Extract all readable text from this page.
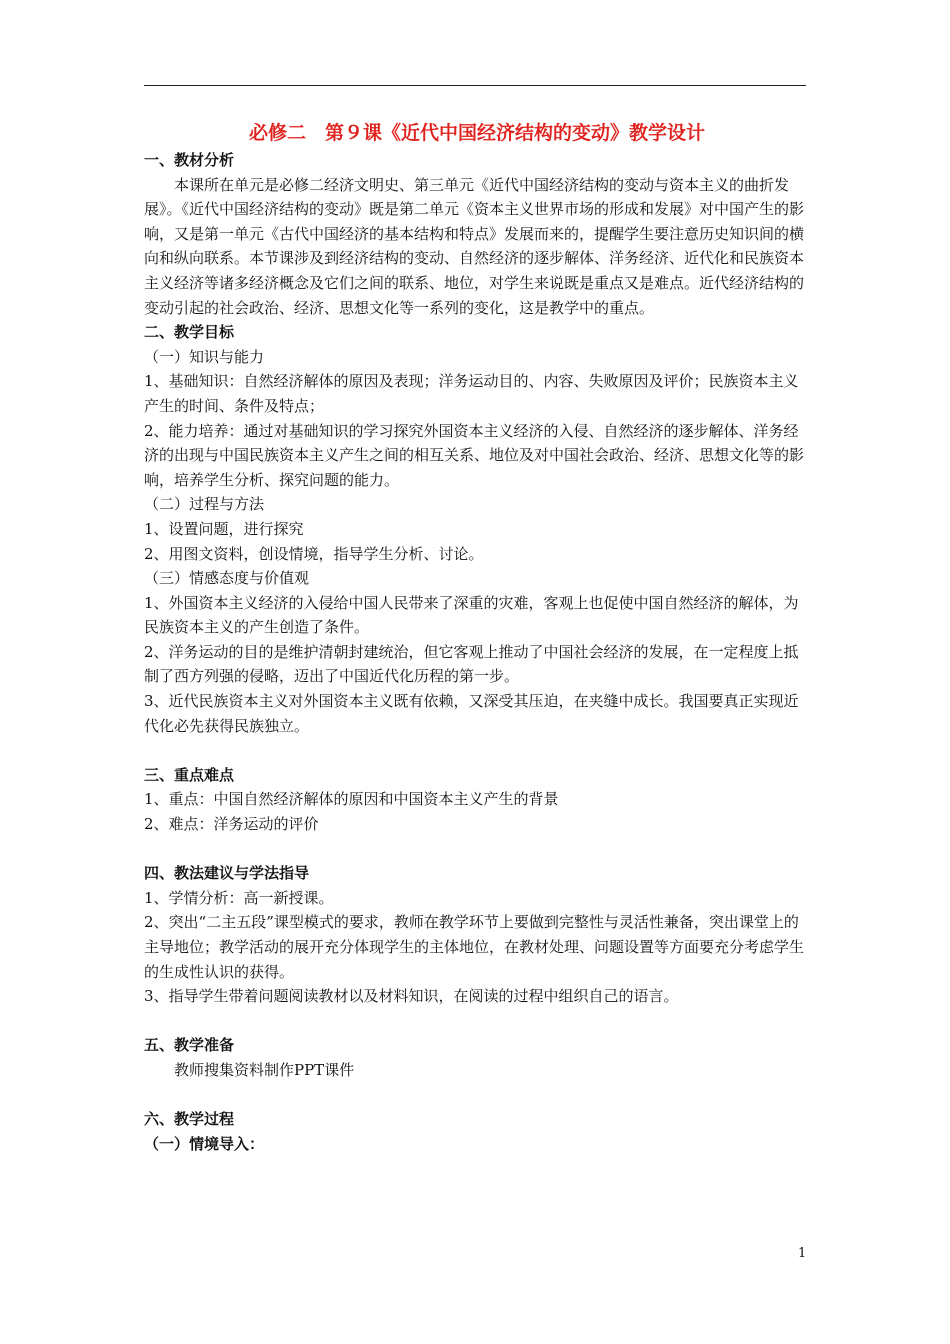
必修二　第９课《近代中国经济结构的变动》教学设计

一、教材分析

本课所在单元是必修二经济文明史、第三单元《近代中国经济结构的变动与资本主义的曲折发展》。《近代中国经济结构的变动》既是第二单元《资本主义世界市场的形成和发展》对中国产生的影响，又是第一单元《古代中国经济的基本结构和特点》发展而来的，提醒学生要注意历史知识间的横向和纵向联系。本节课涉及到经济结构的变动、自然经济的逐步解体、洋务经济、近代化和民族资本主义经济等诸多经济概念及它们之间的联系、地位，对学生来说既是重点又是难点。近代经济结构的变动引起的社会政治、经济、思想文化等一系列的变化，这是教学中的重点。

二、教学目标

（一）知识与能力

1、基础知识：自然经济解体的原因及表现；洋务运动目的、内容、失败原因及评价；民族资本主义产生的时间、条件及特点；

2、能力培养：通过对基础知识的学习探究外国资本主义经济的入侵、自然经济的逐步解体、洋务经济的出现与中国民族资本主义产生之间的相互关系、地位及对中国社会政治、经济、思想文化等的影响，培养学生分析、探究问题的能力。

（二）过程与方法

1、设置问题，进行探究

2、用图文资料，创设情境，指导学生分析、讨论。

（三）情感态度与价值观

1、外国资本主义经济的入侵给中国人民带来了深重的灾难，客观上也促使中国自然经济的解体，为民族资本主义的产生创造了条件。

2、洋务运动的目的是维护清朝封建统治，但它客观上推动了中国社会经济的发展，在一定程度上抵制了西方列强的侵略，迈出了中国近代化历程的第一步。

3、近代民族资本主义对外国资本主义既有依赖，又深受其压迫，在夹缝中成长。我国要真正实现近代化必先获得民族独立。

三、重点难点

1、重点：中国自然经济解体的原因和中国资本主义产生的背景

2、难点：洋务运动的评价

四、教法建议与学法指导

1、学情分析：高一新授课。

2、突出“二主五段”课型模式的要求，教师在教学环节上要做到完整性与灵活性兼备，突出课堂上的主导地位；教学活动的展开充分体现学生的主体地位，在教材处理、问题设置等方面要充分考虑学生的生成性认识的获得。

3、指导学生带着问题阅读教材以及材料知识，在阅读的过程中组织自己的语言。

五、教学准备

教师搜集资料制作PPT课件

六、教学过程

（一）情境导入：

1
